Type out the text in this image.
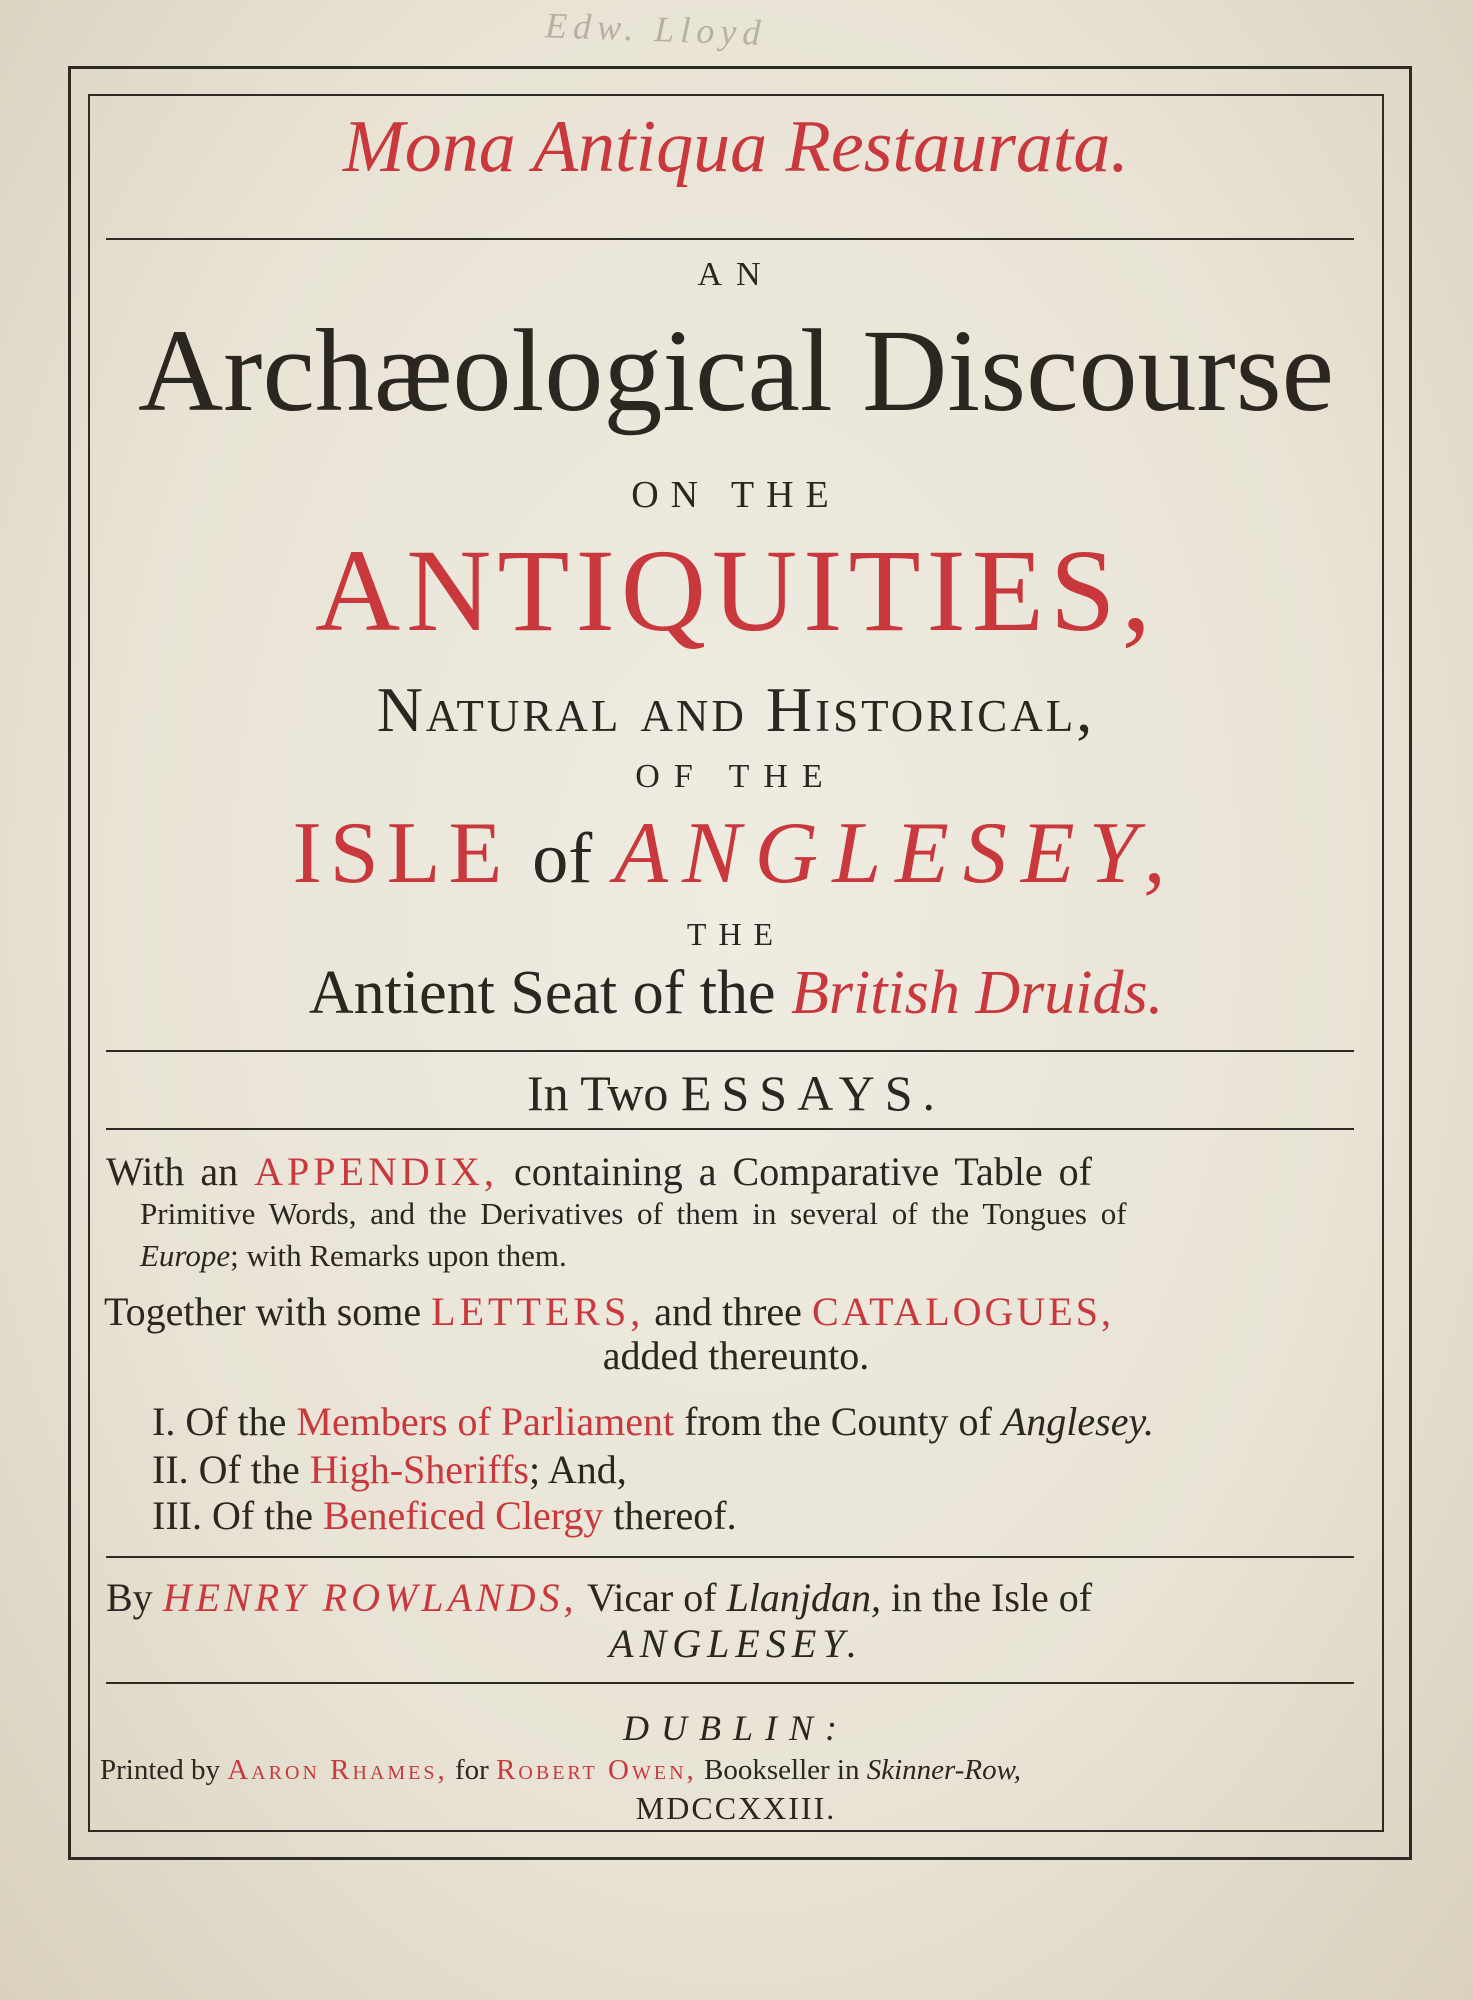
Edw. Lloyd
Mona Antiqua Restaurata.
AN
Archæological Discourse
ON THE
ANTIQUITIES,
Natural and Historical,
OF THE
ISLE of ANGLESEY,
THE
Antient Seat of the British Druids.
In Two ESSAYS.
With an APPENDIX, containing a Comparative Table of
Primitive Words, and the Derivatives of them in several of the Tongues of
Europe; with Remarks upon them.
Together with some LETTERS, and three CATALOGUES,
added thereunto.
I. Of the Members of Parliament from the County of Anglesey.
II. Of the High-Sheriffs; And,
III. Of the Beneficed Clergy thereof.
By HENRY ROWLANDS, Vicar of Llanjdan, in the Isle of
ANGLESEY.
DUBLIN:
Printed by Aaron Rhames, for Robert Owen, Bookseller in Skinner-Row,
MDCCXXIII.
